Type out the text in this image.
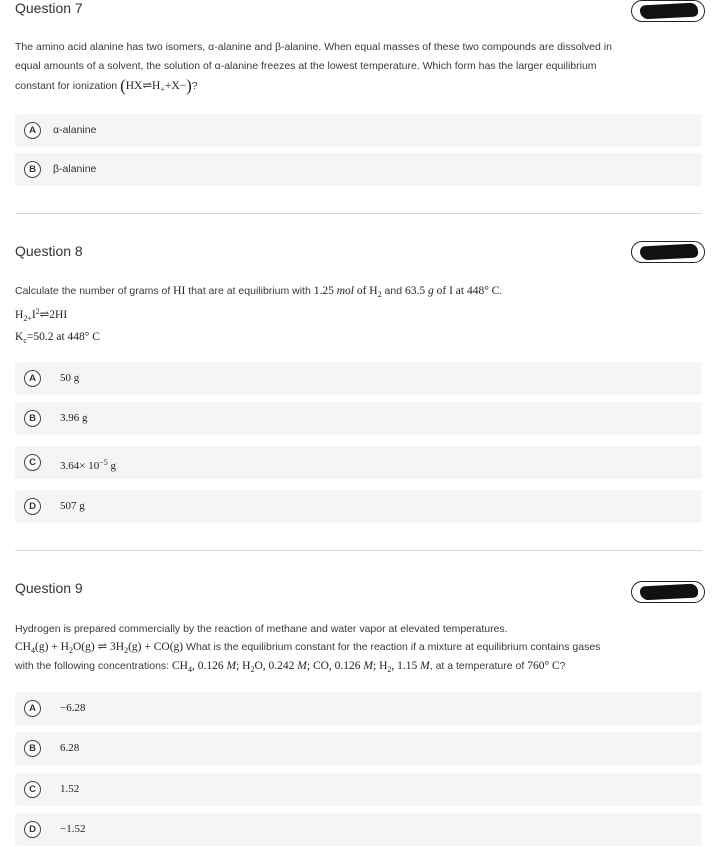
Question 7
The amino acid alanine has two isomers, α-alanine and β-alanine. When equal masses of these two compounds are dissolved in
equal amounts of a solvent, the solution of α-alanine freezes at the lowest temperature. Which form has the larger equilibrium
constant for ionization $(HX\rightleftharpoons H_++X-)$?
A	α-alanine
B	β-alanine
Question 8
Calculate the number of grams of HI that are at equilibrium with 1.25 mol of $H_2$ and 63.5 g of I at 448° C.
$H_{2+}I^2\rightleftharpoons 2HI$
$K_c=50.2$ at 448° C
A	50 g
B	3.96 g
C	$3.64\times 10^{-5}$ g
D	507 g
Question 9
Hydrogen is prepared commercially by the reaction of methane and water vapor at elevated temperatures.
$CH_4(g) + H_2O(g)$ ⇌ $3H_2(g) + CO(g)$ What is the equilibrium constant for the reaction if a mixture at equilibrium contains gases
with the following concentrations: $CH_4$, 0.126 M; $H_2O$, 0.242 M; CO, 0.126 M; $H_2$, 1.15 M, at a temperature of 760° C?
A	−6.28
B	6.28
C	1.52
D	−1.52
